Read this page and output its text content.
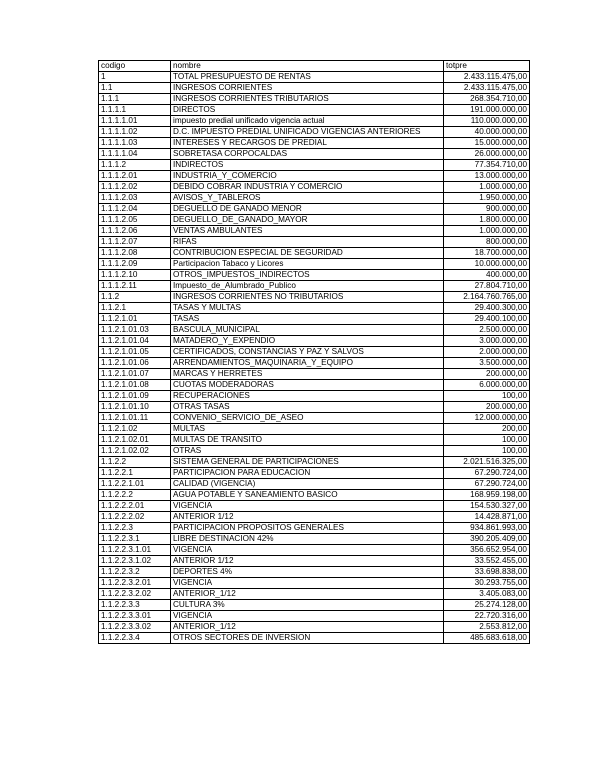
codigo	nombre	totpre
1	TOTAL PRESUPUESTO DE RENTAS	2.433.115.475,00
1.1	INGRESOS CORRIENTES	2.433.115.475,00
1.1.1	INGRESOS CORRIENTES TRIBUTARIOS	268.354.710,00
1.1.1.1	DIRECTOS	191.000.000,00
1.1.1.1.01	impuesto predial unificado vigencia actual	110.000.000,00
1.1.1.1.02	D.C. IMPUESTO PREDIAL UNIFICADO VIGENCIAS ANTERIORES	40.000.000,00
1.1.1.1.03	INTERESES Y RECARGOS DE PREDIAL	15.000.000,00
1.1.1.1.04	SOBRETASA CORPOCALDAS	26.000.000,00
1.1.1.2	INDIRECTOS	77.354.710,00
1.1.1.2.01	INDUSTRIA_Y_COMERCIO	13.000.000,00
1.1.1.2.02	DEBIDO COBRAR INDUSTRIA Y COMERCIO	1.000.000,00
1.1.1.2.03	AVISOS_Y_TABLEROS	1.950.000,00
1.1.1.2.04	DEGUELLO DE GANADO MENOR	900.000,00
1.1.1.2.05	DEGUELLO_DE_GANADO_MAYOR	1.800.000,00
1.1.1.2.06	VENTAS AMBULANTES	1.000.000,00
1.1.1.2.07	RIFAS	800.000,00
1.1.1.2.08	CONTRIBUCION ESPECIAL DE SEGURIDAD	18.700.000,00
1.1.1.2.09	Participacion Tabaco y Licores	10.000.000,00
1.1.1.2.10	OTROS_IMPUESTOS_INDIRECTOS	400.000,00
1.1.1.2.11	Impuesto_de_Alumbrado_Publico	27.804.710,00
1.1.2	INGRESOS CORRIENTES NO TRIBUTARIOS	2.164.760.765,00
1.1.2.1	TASAS Y MULTAS	29.400.300,00
1.1.2.1.01	TASAS	29.400.100,00
1.1.2.1.01.03	BASCULA_MUNICIPAL	2.500.000,00
1.1.2.1.01.04	MATADERO_Y_EXPENDIO	3.000.000,00
1.1.2.1.01.05	CERTIFICADOS, CONSTANCIAS Y PAZ Y SALVOS	2.000.000,00
1.1.2.1.01.06	ARRENDAMIENTOS_MAQUINARIA_Y_EQUIPO	3.500.000,00
1.1.2.1.01.07	MARCAS Y HERRETES	200.000,00
1.1.2.1.01.08	CUOTAS MODERADORAS	6.000.000,00
1.1.2.1.01.09	RECUPERACIONES	100,00
1.1.2.1.01.10	OTRAS TASAS	200.000,00
1.1.2.1.01.11	CONVENIO_SERVICIO_DE_ASEO	12.000.000,00
1.1.2.1.02	MULTAS	200,00
1.1.2.1.02.01	MULTAS DE TRANSITO	100,00
1.1.2.1.02.02	OTRAS	100,00
1.1.2.2	SISTEMA GENERAL DE PARTICIPACIONES	2.021.516.325,00
1.1.2.2.1	PARTICIPACION PARA EDUCACION	67.290.724,00
1.1.2.2.1.01	CALIDAD (VIGENCIA)	67.290.724,00
1.1.2.2.2	AGUA POTABLE Y SANEAMIENTO BASICO	168.959.198,00
1.1.2.2.2.01	VIGENCIA	154.530.327,00
1.1.2.2.2.02	ANTERIOR 1/12	14.428.871,00
1.1.2.2.3	PARTICIPACION PROPOSITOS GENERALES	934.861.993,00
1.1.2.2.3.1	LIBRE DESTINACION 42%	390.205.409,00
1.1.2.2.3.1.01	VIGENCIA	356.652.954,00
1.1.2.2.3.1.02	ANTERIOR 1/12	33.552.455,00
1.1.2.2.3.2	DEPORTES 4%	33.698.838,00
1.1.2.2.3.2.01	VIGENCIA	30.293.755,00
1.1.2.2.3.2.02	ANTERIOR_1/12	3.405.083,00
1.1.2.2.3.3	CULTURA 3%	25.274.128,00
1.1.2.2.3.3.01	VIGENCIA	22.720.316,00
1.1.2.2.3.3.02	ANTERIOR_1/12	2.553.812,00
1.1.2.2.3.4	OTROS SECTORES DE INVERSION	485.683.618,00
